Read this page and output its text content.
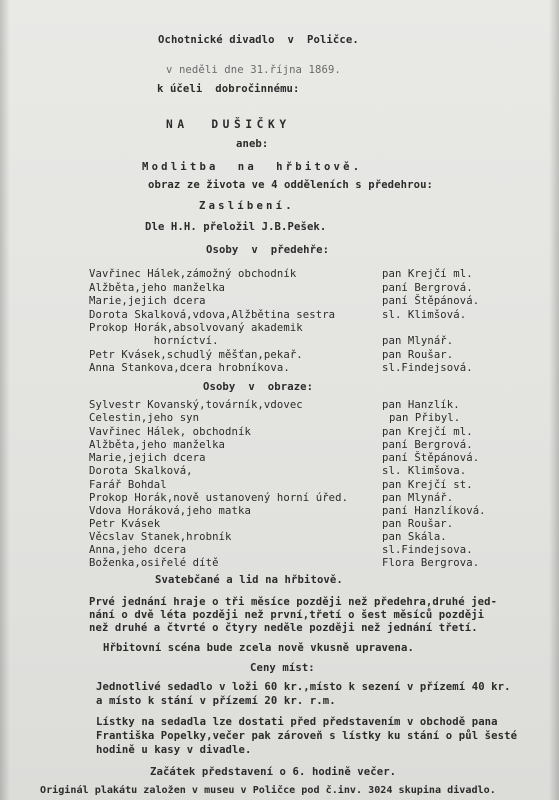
Ochotnické divadlo  v  Poličce.

v neděli dne 31.října 1869.

k účeli  dobročinnému:

NA  DUŠIČKY

aneb:

Modlitba  na  hřbitově.

obraz ze života ve 4 odděleních s předehrou:

Zaslíbení.

Dle H.H. přeložil J.B.Pešek.

Osoby  v  předehře:

Vavřinec Hálek,zámožný obchodník	pan Krejčí ml.

Alžběta,jeho manželka	paní Bergrová.

Marie,jejich dcera	paní Štěpánová.

Dorota Skalková,vdova,Alžbětina sestra	sl. Klimšová.

Prokop Horák,absolvovaný akademik

horníctví.	pan Mlynář.

Petr Kvásek,schudlý měšťan,pekař.	pan Roušar.

Anna Stankova,dcera hrobníkova.	sl.Findejsová.

Osoby  v  obraze:

Sylvestr Kovanský,továrník,vdovec	pan Hanzlík.

Celestin,jeho syn	pan Přibyl.

Vavřinec Hálek, obchodník	pan Krejčí ml.

Alžběta,jeho manželka	paní Bergrová.

Marie,jejich dcera	paní Štěpánová.

Dorota Skalková,	sl. Klimšova.

Farář Bohdal	pan Krejčí st.

Prokop Horák,nově ustanovený horní úřed.	pan Mlynář.

Vdova Horáková,jeho matka	paní Hanzlíková.

Petr Kvásek	pan Roušar.

Věcslav Stanek,hrobník	pan Skála.

Anna,jeho dcera	sl.Findejsova.

Boženka,osiřelé dítě	Flora Bergrova.

Svatebčané a lid na hřbitově.

Prvé jednání hraje o tři měsíce později než předehra,druhé jed-

nání o dvě léta později než první,třetí o šest měsíců později

než druhé a čtvrté o čtyry neděle později než jednání třetí.

Hřbitovní scéna bude zcela nově vkusně upravena.

Ceny míst:

Jednotlivé sedadlo v loži 60 kr.,místo k sezení v přízemí 40 kr.

a místo k stání v přízemí 20 kr. r.m.

Lístky na sedadla lze dostati před představením v obchodě pana

Františka Popelky,večer pak zároveň s lístky ku stání o půl šesté

hodině u kasy v divadle.

Začátek představení o 6. hodině večer.

Originál plakátu založen v museu v Poličce pod č.inv. 3024 skupina divadlo.
